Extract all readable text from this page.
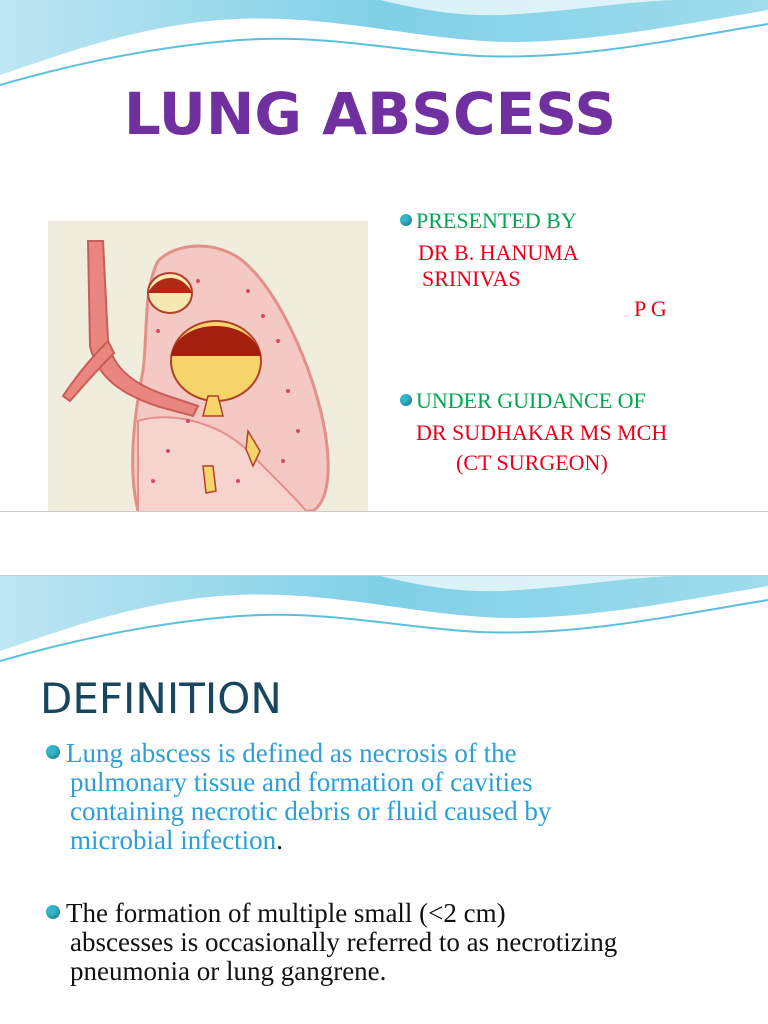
LUNG ABSCESS
PRESENTED BY
DR B. HANUMA
SRINIVAS
P G
UNDER GUIDANCE OF
DR SUDHAKAR MS MCH
(CT SURGEON)
DEFINITION
Lung abscess is defined as necrosis of the
pulmonary tissue and formation of cavities
containing necrotic debris or fluid caused by
microbial infection.
The formation of multiple small (<2 cm)
abscesses is occasionally referred to as necrotizing
pneumonia or lung gangrene.
